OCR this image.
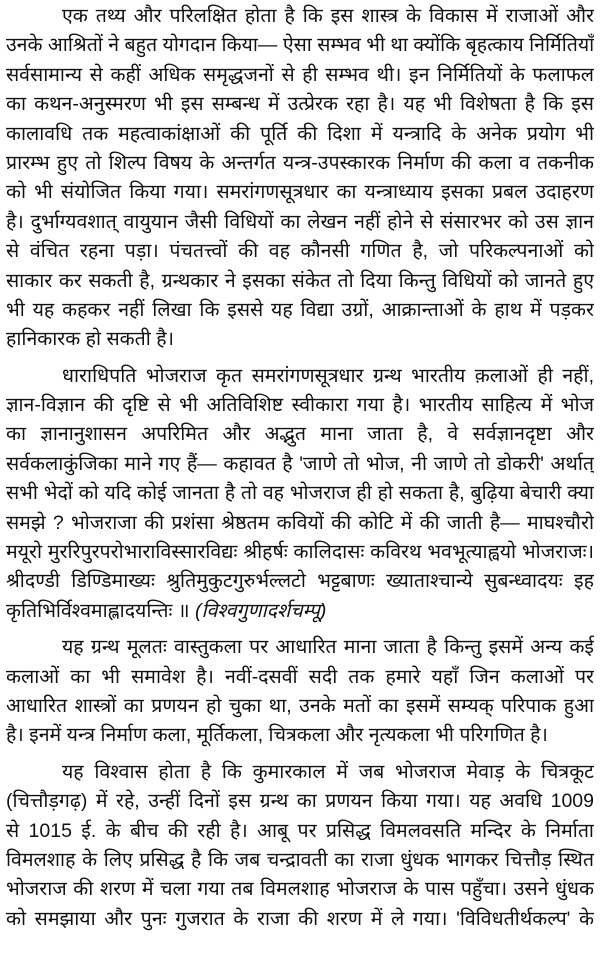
एक तथ्य और परिलक्षित होता है कि इस शास्त्र के विकास में राजाओं और
उनके आश्रितों ने बहुत योगदान किया— ऐसा सम्भव भी था क्योंकि बृहत्काय निर्मितियाँ
सर्वसामान्य से कहीं अधिक समृद्धजनों से ही सम्भव थी। इन निर्मितियों के फलाफल
का कथन-अनुस्मरण भी इस सम्बन्ध में उत्प्रेरक रहा है। यह भी विशेषता है कि इस
कालावधि तक महत्वाकांक्षाओं की पूर्ति की दिशा में यन्त्रादि के अनेक प्रयोग भी
प्रारम्भ हुए तो शिल्प विषय के अन्तर्गत यन्त्र-उपस्कारक निर्माण की कला व तकनीक
को भी संयोजित किया गया। समरांगणसूत्रधार का यन्त्राध्याय इसका प्रबल उदाहरण
है। दुर्भाग्यवशात् वायुयान जैसी विधियों का लेखन नहीं होने से संसारभर को उस ज्ञान
से वंचित रहना पड़ा। पंचतत्त्वों की वह कौनसी गणित है, जो परिकल्पनाओं को
साकार कर सकती है, ग्रन्थकार ने इसका संकेत तो दिया किन्तु विधियों को जानते हुए
भी यह कहकर नहीं लिखा कि इससे यह विद्या उग्रों, आक्रान्ताओं के हाथ में पड़कर
हानिकारक हो सकती है।
धाराधिपति भोजराज कृत समरांगणसूत्रधार ग्रन्थ भारतीय क़लाओं ही नहीं,
ज्ञान-विज्ञान की दृष्टि से भी अतिविशिष्ट स्वीकारा गया है। भारतीय साहित्य में भोज
का ज्ञानानुशासन अपरिमित और अद्भुत माना जाता है, वे सर्वज्ञानदृष्टा और
सर्वकलाकुंजिका माने गए हैं— कहावत है 'जाणे तो भोज, नी जाणे तो डोकरी' अर्थात्
सभी भेदों को यदि कोई जानता है तो वह भोजराज ही हो सकता है, बुढ़िया बेचारी क्या
समझे ? भोजराजा की प्रशंसा श्रेष्ठतम कवियों की कोटि में की जाती है— माघश्चौरो
मयूरो मुररिपुरपरोभाराविस्सारविद्यः श्रीहर्षः कालिदासः कविरथ भवभूत्याह्वयो भोजराजः।
श्रीदण्डी डिण्डिमाख्यः श्रुतिमुकुटगुरुर्भल्लटो भट्टबाणः ख्याताश्चान्ये सुबन्ध्वादयः इह
कृतिभिर्विश्वमाह्लादयन्तिः ॥ (विश्वगुणादर्शचम्पू)
यह ग्रन्थ मूलतः वास्तुकला पर आधारित माना जाता है किन्तु इसमें अन्य कई
कलाओं का भी समावेश है। नवीं-दसवीं सदी तक हमारे यहाँ जिन कलाओं पर
आधारित शास्त्रों का प्रणयन हो चुका था, उनके मतों का इसमें सम्यक् परिपाक हुआ
है। इनमें यन्त्र निर्माण कला, मूर्तिकला, चित्रकला और नृत्यकला भी परिगणित है।
यह विश्वास होता है कि कुमारकाल में जब भोजराज मेवाड़ के चित्रकूट
(चित्तौड़गढ़) में रहे, उन्हीं दिनों इस ग्रन्थ का प्रणयन किया गया। यह अवधि 1009
से 1015 ई. के बीच की रही है। आबू पर प्रसिद्ध विमलवसति मन्दिर के निर्माता
विमलशाह के लिए प्रसिद्ध है कि जब चन्द्रावती का राजा धुंधक भागकर चित्तौड़ स्थित
भोजराज की शरण में चला गया तब विमलशाह भोजराज के पास पहुँचा। उसने धुंधक
को समझाया और पुनः गुजरात के राजा की शरण में ले गया। 'विविधतीर्थकल्प' के
